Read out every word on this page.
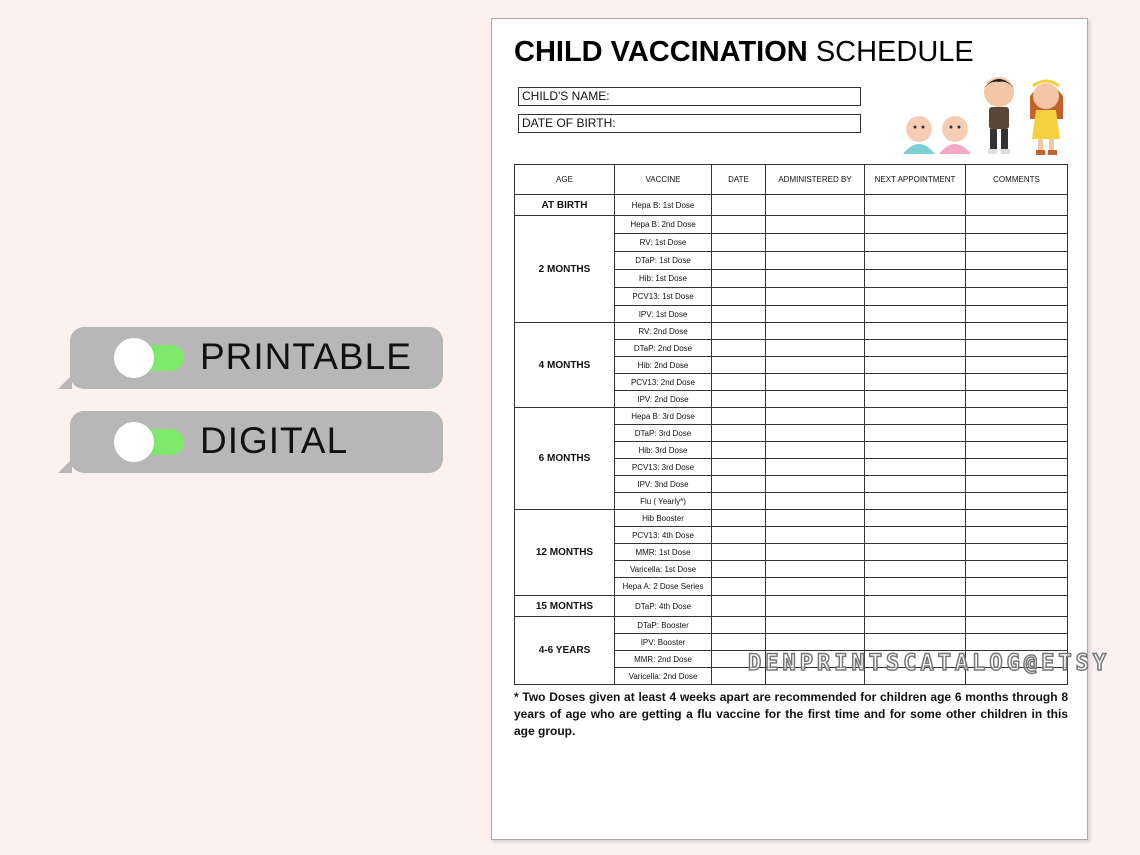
PRINTABLE
DIGITAL
CHILD VACCINATION SCHEDULE
CHILD'S NAME:
DATE OF BIRTH:
AGE	VACCINE	DATE	ADMINISTERED BY	NEXT APPOINTMENT	COMMENTS
AT BIRTH	Hepa B: 1st Dose				
2 MONTHS	Hepa B: 2nd Dose				
	RV: 1st Dose				
	DTaP: 1st Dose				
	Hib: 1st Dose				
	PCV13: 1st Dose				
	IPV: 1st Dose				
4 MONTHS	RV: 2nd Dose				
	DTaP: 2nd Dose				
	Hib: 2nd Dose				
	PCV13: 2nd Dose				
	IPV: 2nd Dose				
6 MONTHS	Hepa B: 3rd Dose				
	DTaP: 3rd Dose				
	Hib: 3rd Dose				
	PCV13: 3rd Dose				
	IPV: 3nd Dose				
	Flu ( Yearly*)				
12 MONTHS	Hib Booster				
	PCV13: 4th Dose				
	MMR: 1st Dose				
	Varicella: 1st Dose				
	Hepa A: 2 Dose Series				
15 MONTHS	DTaP: 4th Dose				
4-6 YEARS	DTaP: Booster				
	IPV: Booster				
	MMR: 2nd Dose				
	Varicella: 2nd Dose				

* Two Doses given at least 4 weeks apart are recommended for children age 6 months through 8 years of age who are getting a flu vaccine for the first time and for some other children in this age group.

DENPRINTSCATALOG@ETSY
